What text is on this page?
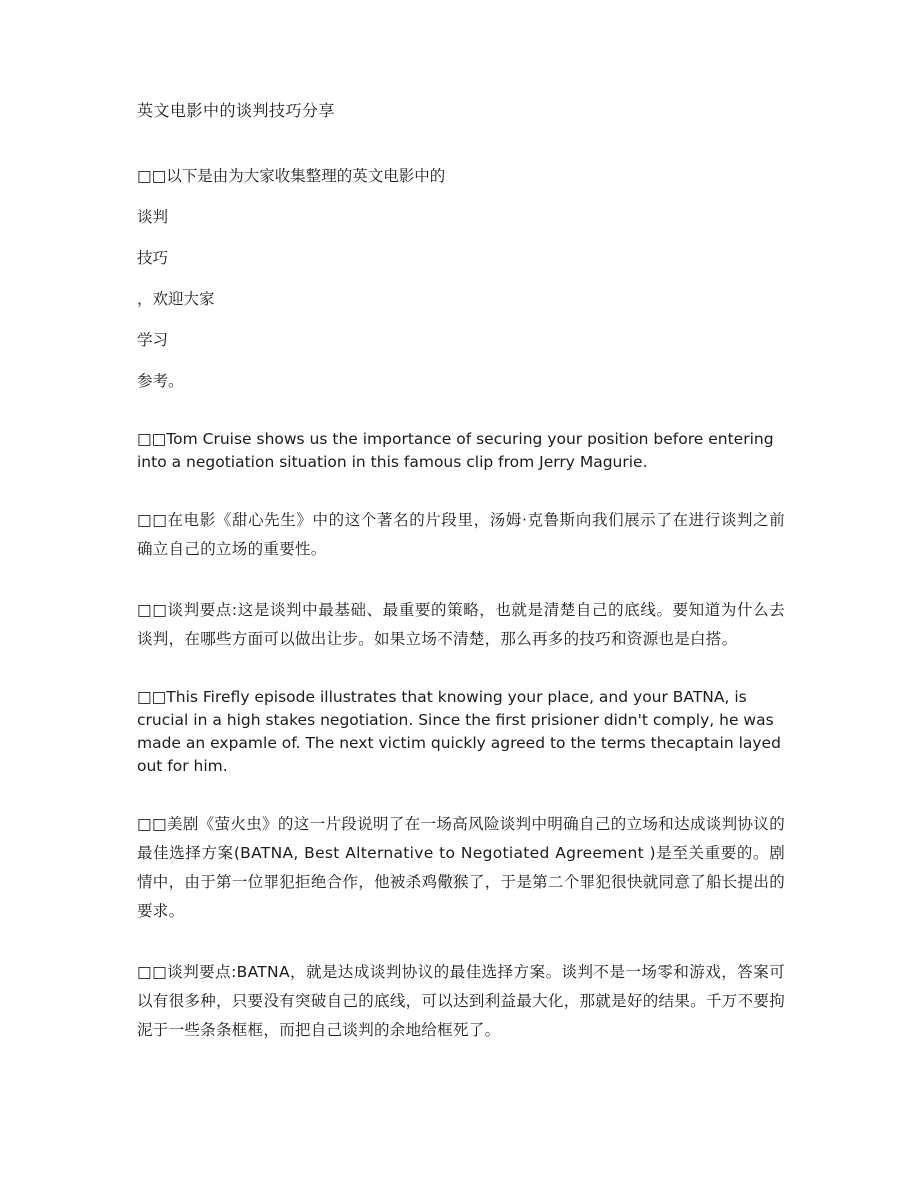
英文电影中的谈判技巧分享

□□以下是由为大家收集整理的英文电影中的

谈判

技巧

，欢迎大家

学习

参考。

□□Tom Cruise shows us the importance of securing your position before entering into a negotiation situation in this famous clip from Jerry Magurie.

□□在电影《甜心先生》中的这个著名的片段里，汤姆·克鲁斯向我们展示了在进行谈判之前确立自己的立场的重要性。

□□谈判要点:这是谈判中最基础、最重要的策略，也就是清楚自己的底线。要知道为什么去谈判，在哪些方面可以做出让步。如果立场不清楚，那么再多的技巧和资源也是白搭。

□□This Firefly episode illustrates that knowing your place, and your BATNA, is crucial in a high stakes negotiation. Since the first prisioner didn't comply, he was made an expamle of. The next victim quickly agreed to the terms thecaptain layed out for him.

□□美剧《萤火虫》的这一片段说明了在一场高风险谈判中明确自己的立场和达成谈判协议的最佳选择方案(BATNA, Best Alternative to Negotiated Agreement )是至关重要的。剧情中，由于第一位罪犯拒绝合作，他被杀鸡儆猴了，于是第二个罪犯很快就同意了船长提出的要求。

□□谈判要点:BATNA，就是达成谈判协议的最佳选择方案。谈判不是一场零和游戏，答案可以有很多种，只要没有突破自己的底线，可以达到利益最大化，那就是好的结果。千万不要拘泥于一些条条框框，而把自己谈判的余地给框死了。
